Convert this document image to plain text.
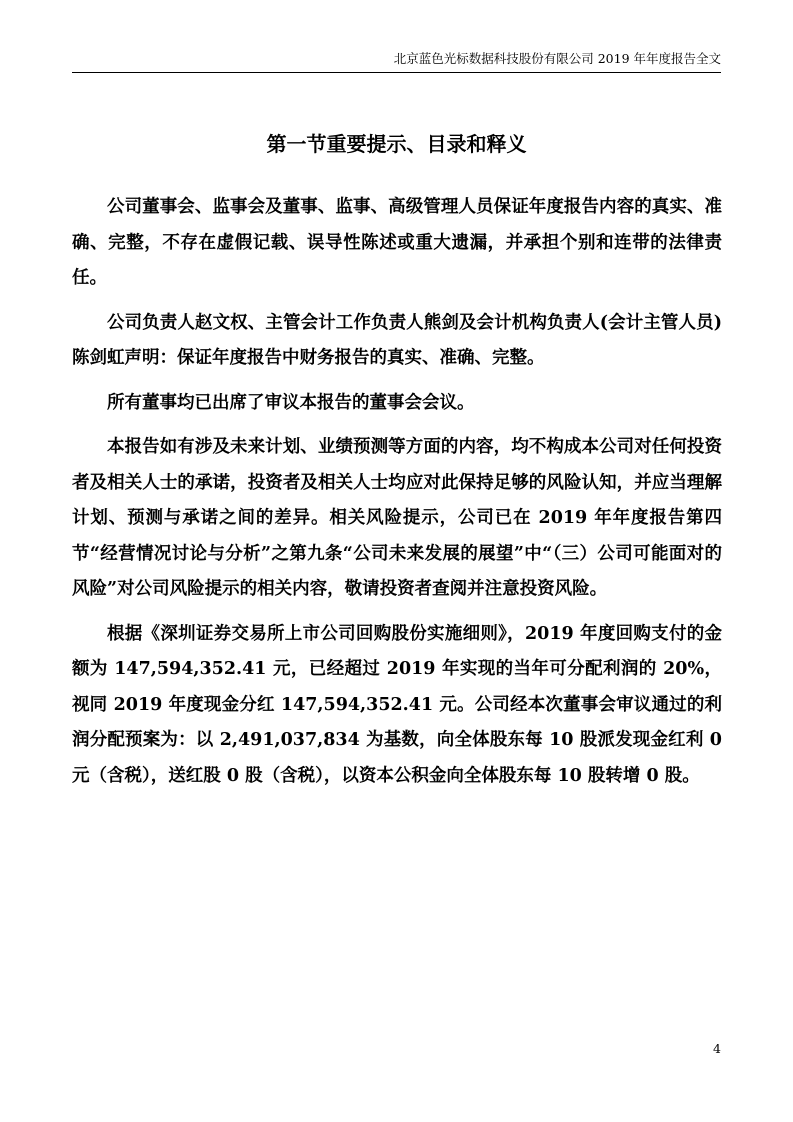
北京蓝色光标数据科技股份有限公司 2019 年年度报告全文
第一节重要提示、目录和释义

公司董事会、监事会及董事、监事、高级管理人员保证年度报告内容的真实、准确、完整，不存在虚假记载、误导性陈述或重大遗漏，并承担个别和连带的法律责任。

公司负责人赵文权、主管会计工作负责人熊剑及会计机构负责人(会计主管人员)陈剑虹声明：保证年度报告中财务报告的真实、准确、完整。

所有董事均已出席了审议本报告的董事会会议。

本报告如有涉及未来计划、业绩预测等方面的内容，均不构成本公司对任何投资者及相关人士的承诺，投资者及相关人士均应对此保持足够的风险认知，并应当理解计划、预测与承诺之间的差异。相关风险提示，公司已在 2019 年年度报告第四节“经营情况讨论与分析”之第九条“公司未来发展的展望”中“（三）公司可能面对的风险”对公司风险提示的相关内容，敬请投资者查阅并注意投资风险。

根据《深圳证券交易所上市公司回购股份实施细则》，2019 年度回购支付的金额为 147,594,352.41 元，已经超过 2019 年实现的当年可分配利润的 20%，视同 2019 年度现金分红 147,594,352.41 元。公司经本次董事会审议通过的利润分配预案为：以 2,491,037,834 为基数，向全体股东每 10 股派发现金红利 0 元（含税），送红股 0 股（含税），以资本公积金向全体股东每 10 股转增 0 股。

4
